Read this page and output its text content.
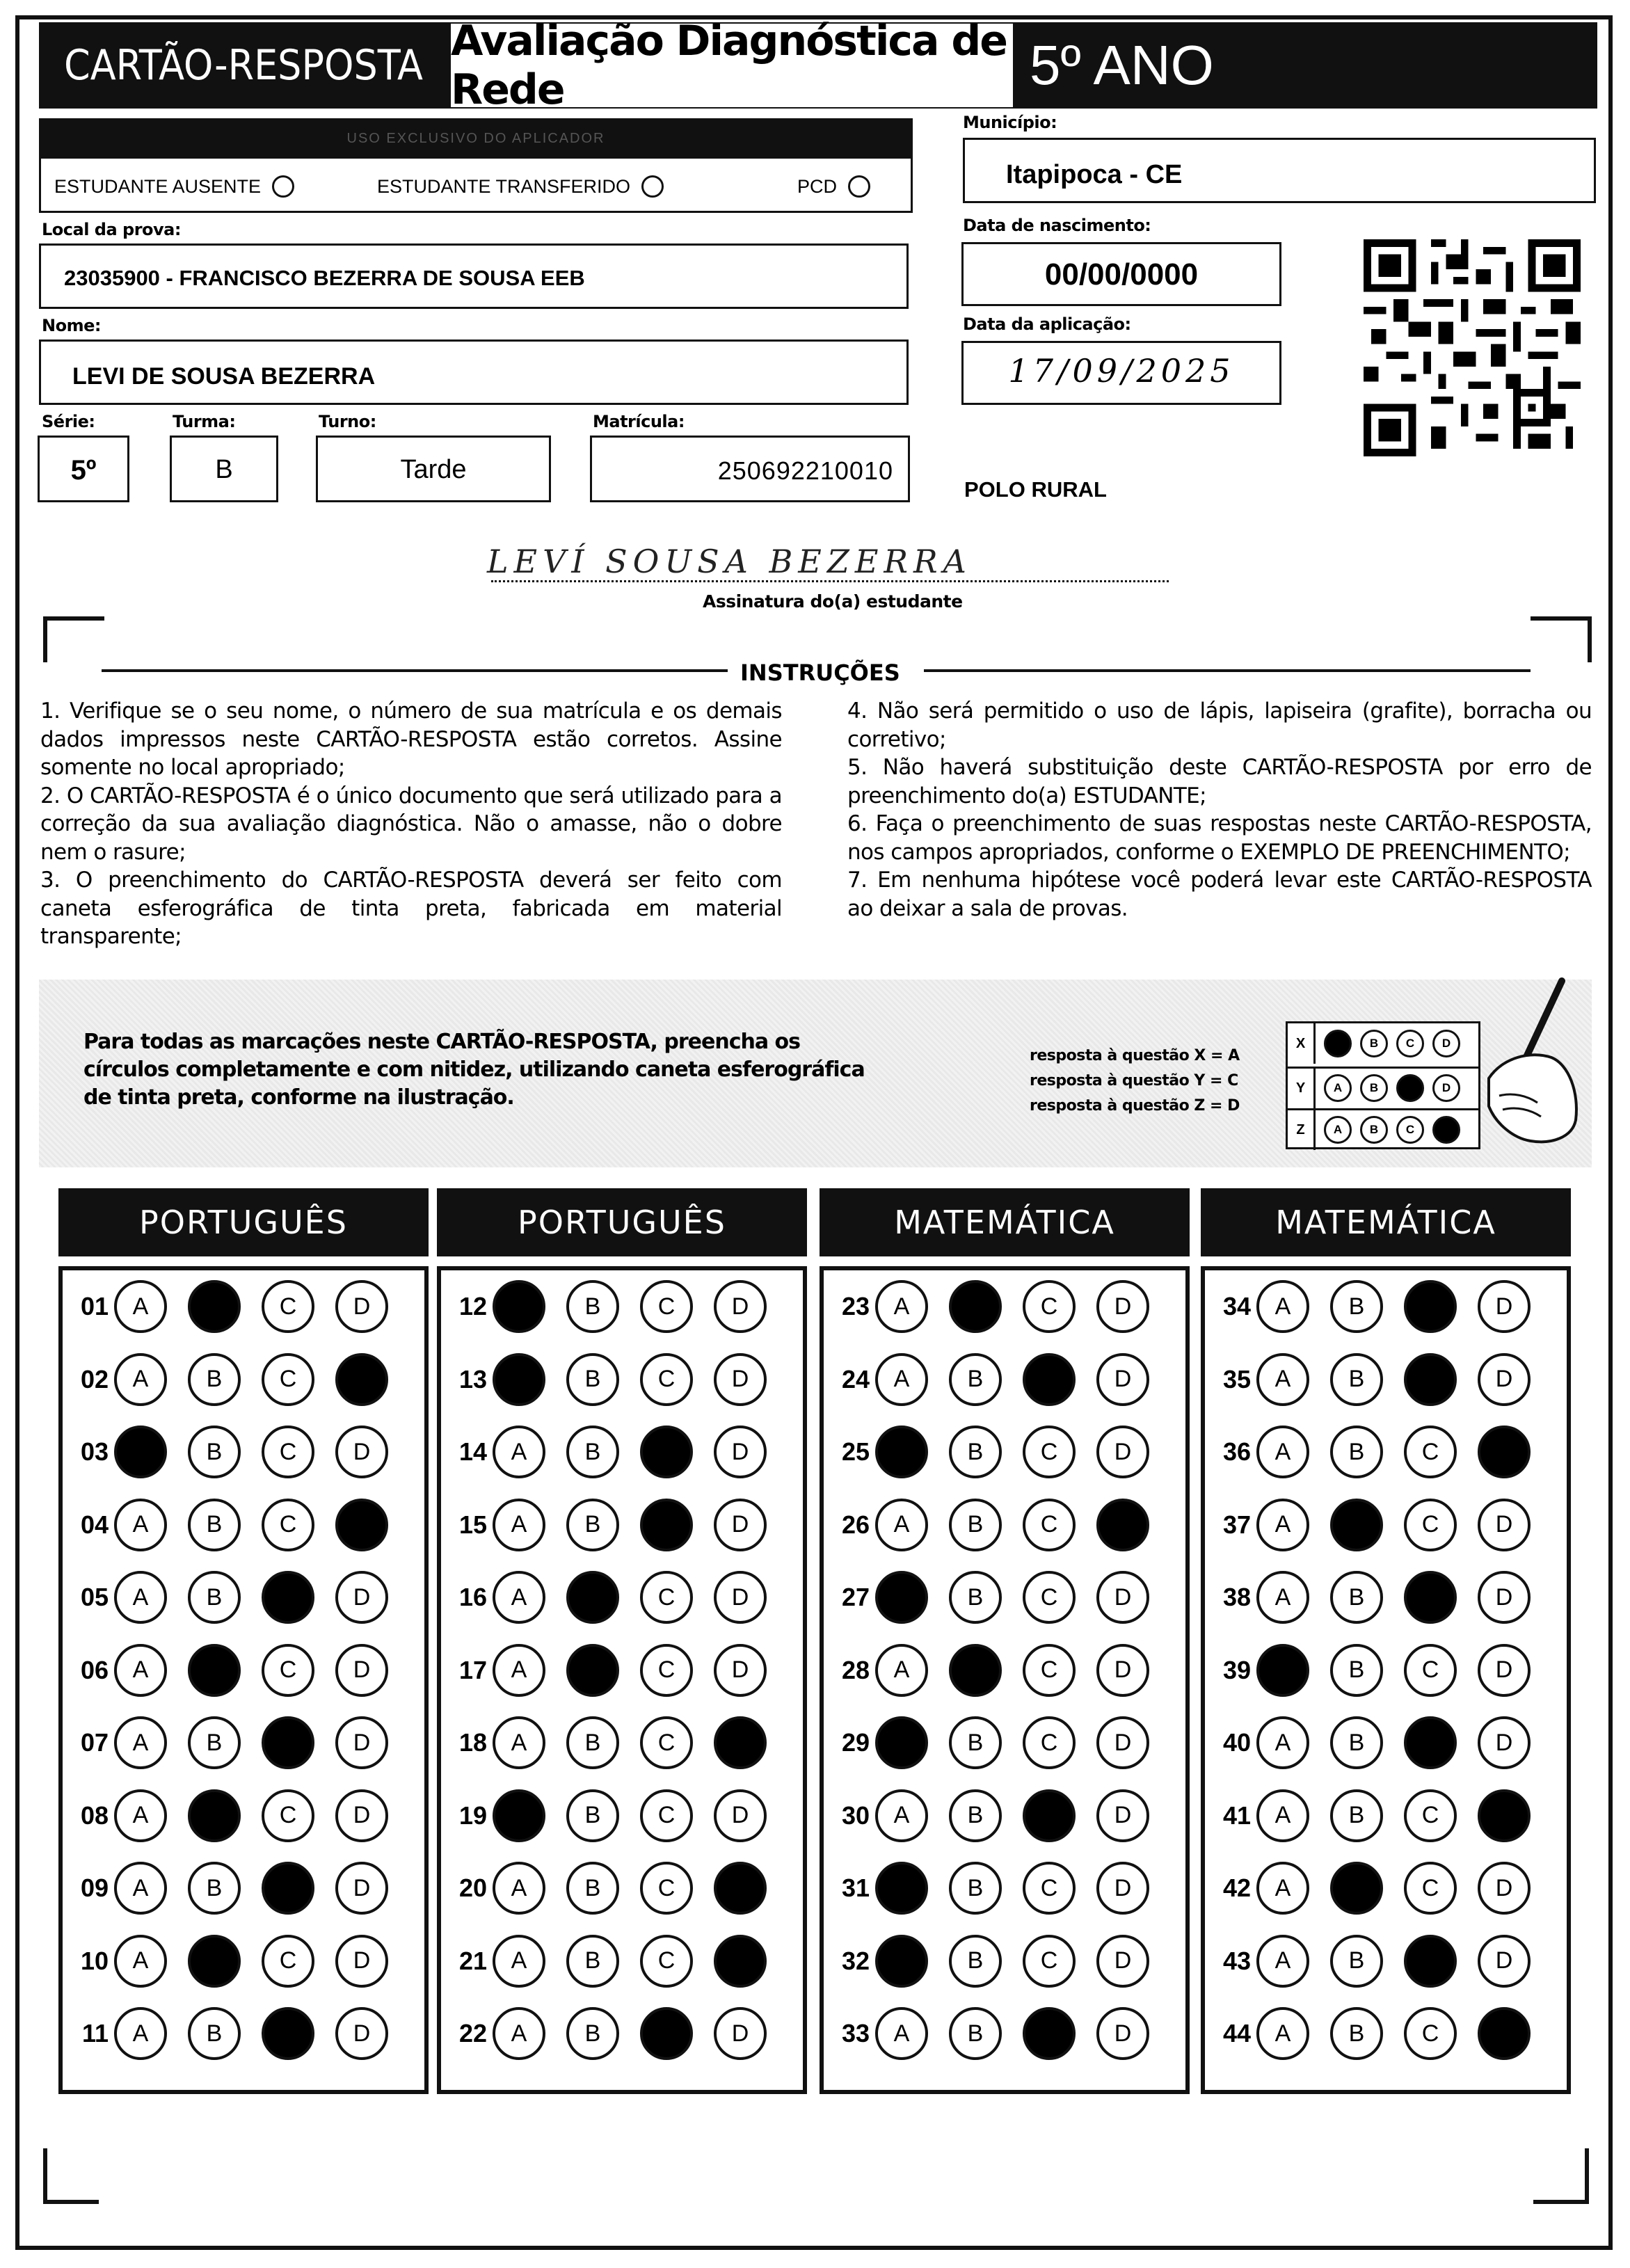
CARTÃO-RESPOSTA Avaliação Diagnóstica de Rede	5º ANO
USO EXCLUSIVO DO APLICADOR
ESTUDANTE AUSENTE	ESTUDANTE TRANSFERIDO	PCD
Município:
Itapipoca - CE
Local da prova:
23035900 - FRANCISCO BEZERRA DE SOUSA EEB
Data de nascimento:
00/00/0000
Data da aplicação:
17/09/2025
Nome:
LEVI DE SOUSA BEZERRA
Série:
5º
Turma:
B
Turno:
Tarde
Matrícula:
250692210010
POLO RURAL
LEVÍ SOUSA BEZERRA
Assinatura do(a) estudante
INSTRUÇÕES

1. Verifique se o seu nome, o número de sua matrícula e os demais dados impressos neste CARTÃO-RESPOSTA estão corretos. Assine somente no local apropriado;

2. O CARTÃO-RESPOSTA é o único documento que será utilizado para a correção da sua avaliação diagnóstica. Não o amasse, não o dobre nem o rasure;

3. O preenchimento do CARTÃO-RESPOSTA deverá ser feito com caneta esferográfica de tinta preta, fabricada em material transparente;

4. Não será permitido o uso de lápis, lapiseira (grafite), borracha ou corretivo;

5. Não haverá substituição deste CARTÃO-RESPOSTA por erro de preenchimento do(a) ESTUDANTE;

6. Faça o preenchimento de suas respostas neste CARTÃO-RESPOSTA, nos campos apropriados, conforme o EXEMPLO DE PREENCHIMENTO;

7. Em nenhuma hipótese você poderá levar este CARTÃO-RESPOSTA ao deixar a sala de provas.

Para todas as marcações neste CARTÃO-RESPOSTA, preencha os círculos completamente e com nitidez, utilizando caneta esferográfica de tinta preta, conforme na ilustração.
resposta à questão X = A
resposta à questão Y = C
resposta à questão Z = D
X	B	C	D
Y	A	B	D
Z	A	B	C
PORTUGUÊS
01	A	C	D
02	A	B	C
03	B	C	D
04	A	B	C
05	A	B	D
06	A	C	D
07	A	B	D
08	A	C	D
09	A	B	D
10	A	C	D
11	A	B	D
PORTUGUÊS
12	B	C	D
13	B	C	D
14	A	B	D
15	A	B	D
16	A	C	D
17	A	C	D
18	A	B	C
19	B	C	D
20	A	B	C
21	A	B	C
22	A	B	D
MATEMÁTICA
23	A	C	D
24	A	B	D
25	B	C	D
26	A	B	C
27	B	C	D
28	A	C	D
29	B	C	D
30	A	B	D
31	B	C	D
32	B	C	D
33	A	B	D
MATEMÁTICA
34	A	B	D
35	A	B	D
36	A	B	C
37	A	C	D
38	A	B	D
39	B	C	D
40	A	B	D
41	A	B	C
42	A	C	D
43	A	B	D
44	A	B	C
